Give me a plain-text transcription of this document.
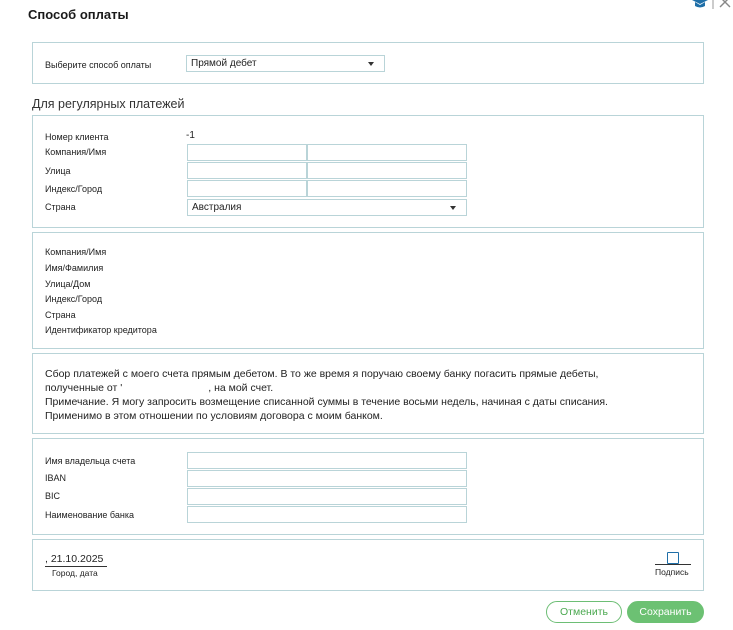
Способ оплаты
Выберите способ оплаты	Прямой дебет
Для регулярных платежей
Номер клиента	-1
Компания/Имя
Улица
Индекс/Город
Страна	Австралия
Компания/Имя
Имя/Фамилия
Улица/Дом
Индекс/Город
Страна
Идентификатор кредитора

Сбор платежей с моего счета прямым дебетом. В то же время я поручаю своему банку погасить прямые дебеты,

полученные от '	, на мой счет.

Примечание. Я могу запросить возмещение списанной суммы в течение восьми недель, начиная с даты списания.

Применимо в этом отношении по условиям договора с моим банком.

Имя владельца счета
IBAN
BIC
Наименование банка
, 21.10.2025
Город, дата	Подпись
Отменить	Сохранить
